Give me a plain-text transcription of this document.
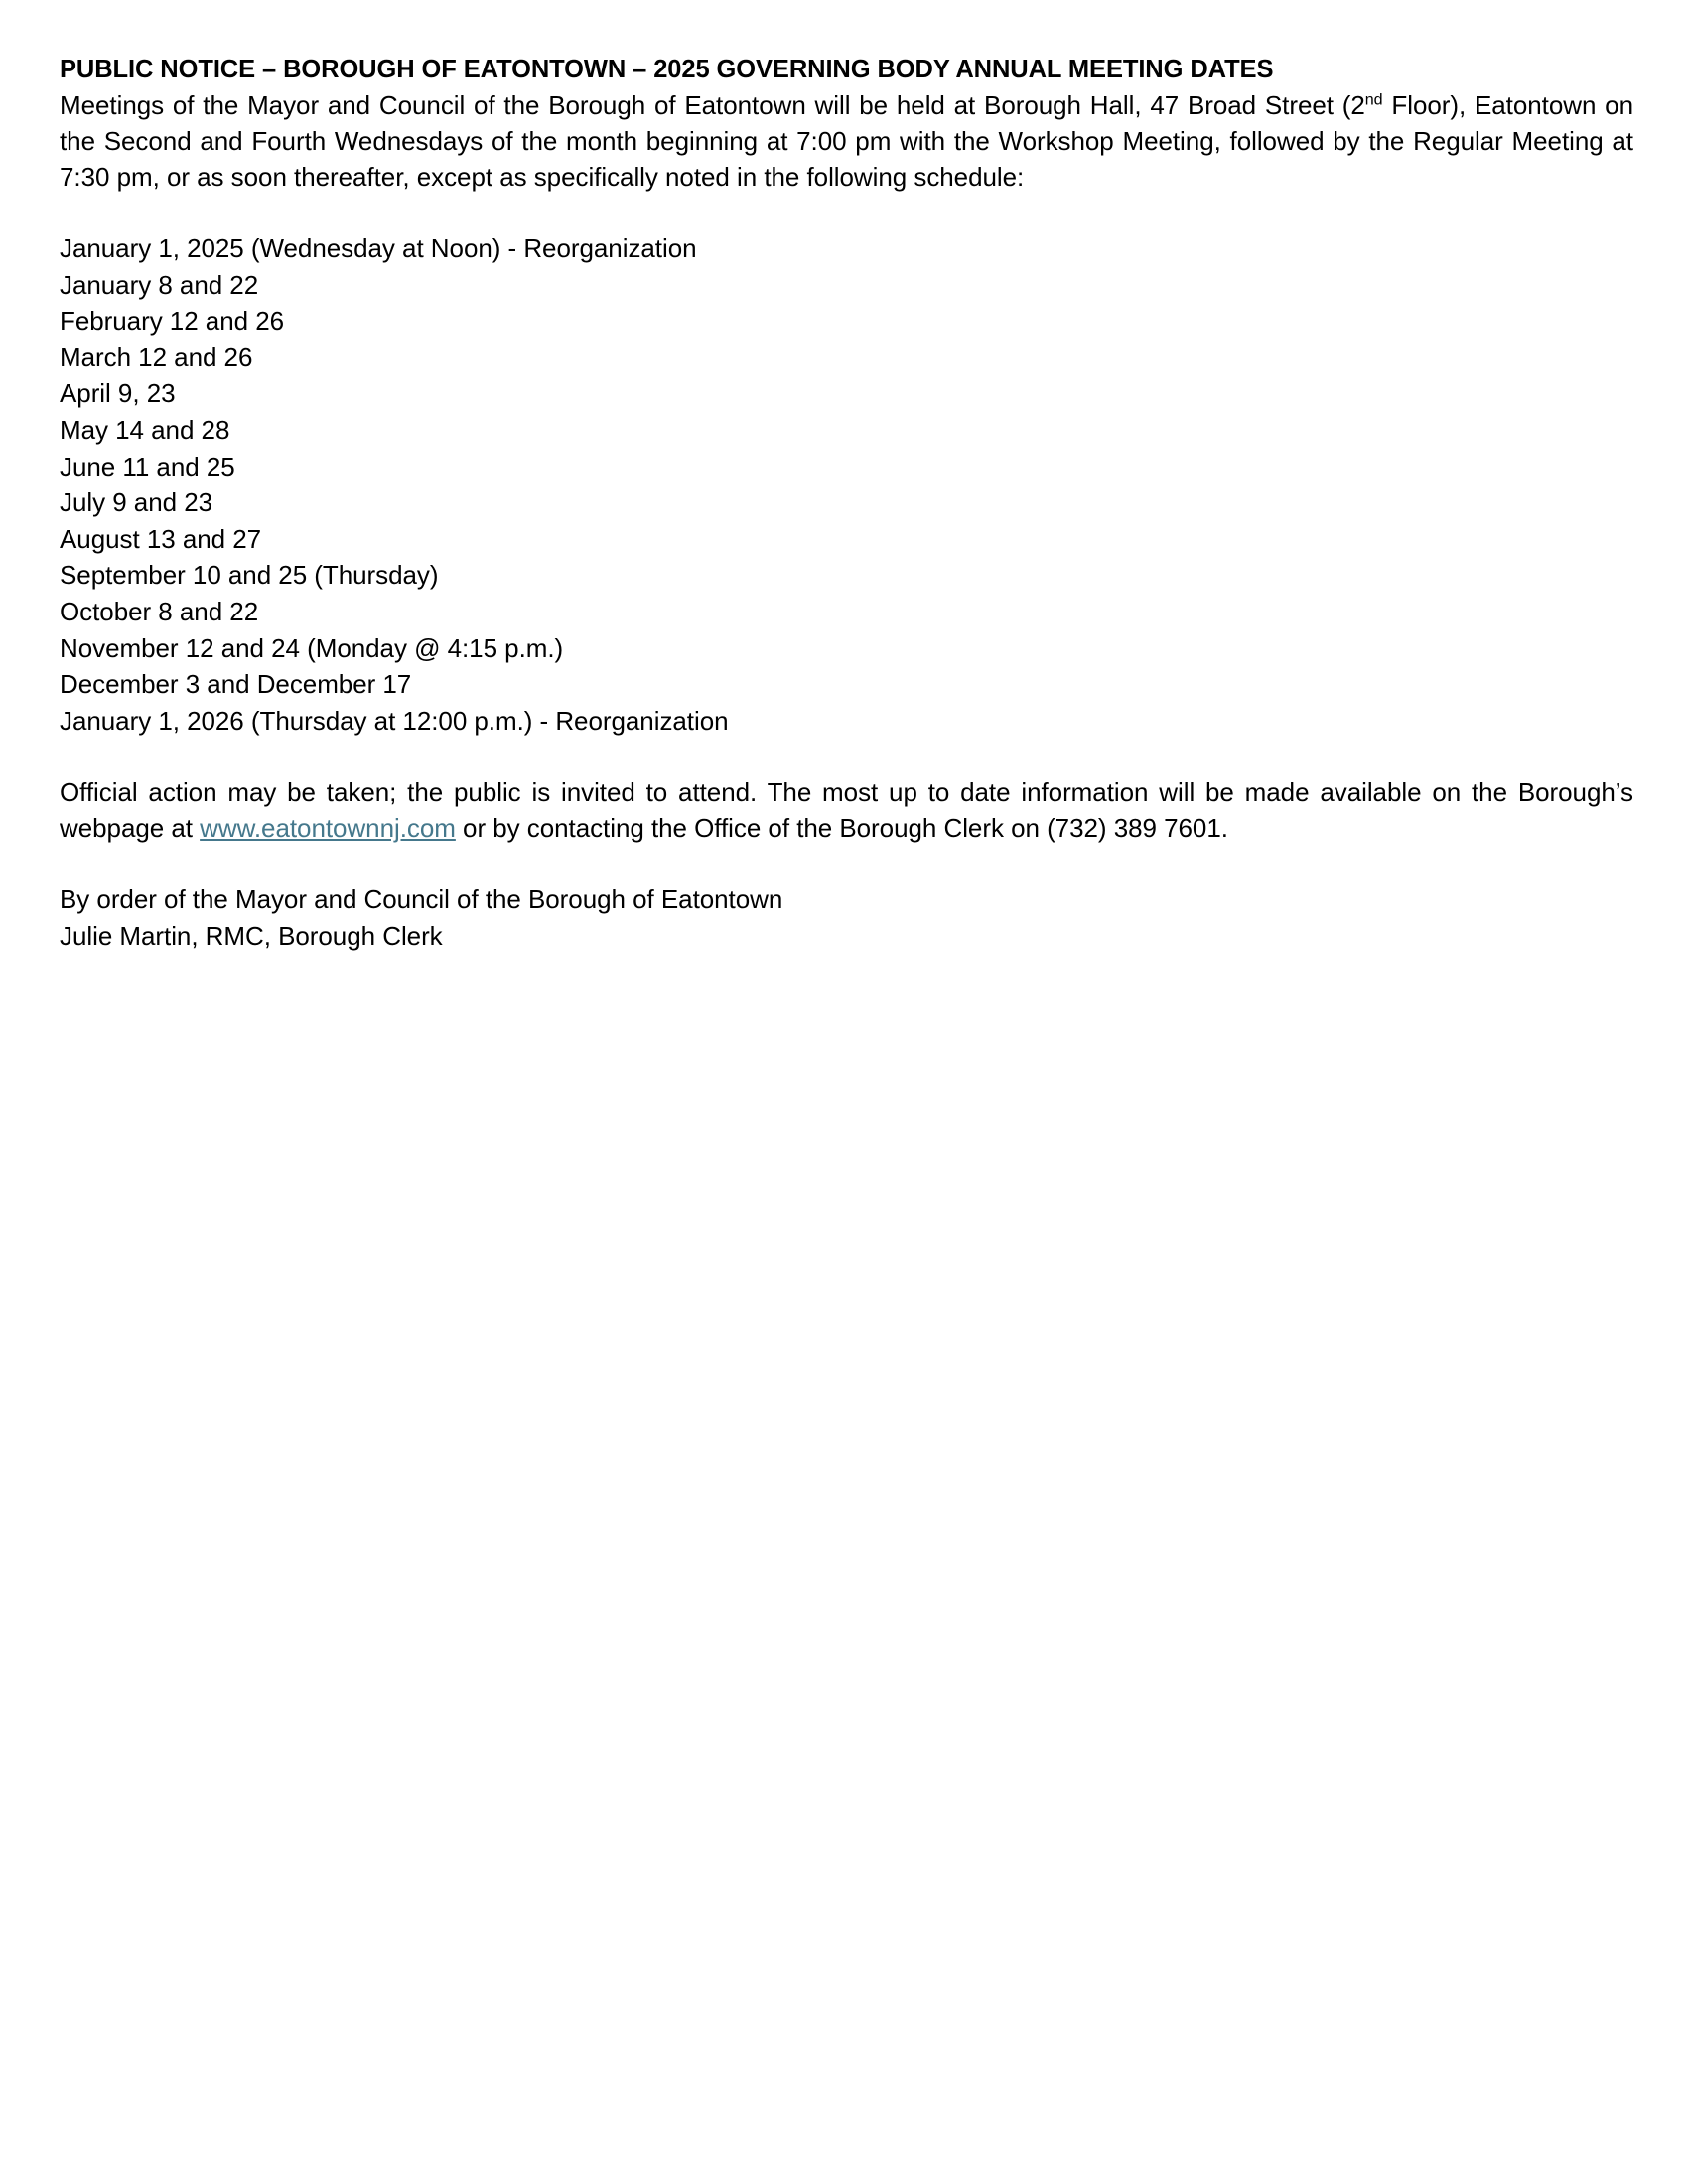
PUBLIC NOTICE – BOROUGH OF EATONTOWN – 2025 GOVERNING BODY ANNUAL MEETING DATES

Meetings of the Mayor and Council of the Borough of Eatontown will be held at Borough Hall, 47 Broad Street (2nd Floor), Eatontown on the Second and Fourth Wednesdays of the month beginning at 7:00 pm with the Workshop Meeting, followed by the Regular Meeting at 7:30 pm, or as soon thereafter, except as specifically noted in the following schedule:

January 1, 2025 (Wednesday at Noon) - Reorganization
January 8 and 22
February 12 and 26
March 12 and 26
April 9, 23
May 14 and 28
June 11 and 25
July 9 and 23
August 13 and 27
September 10 and 25 (Thursday)
October 8 and 22
November 12 and 24 (Monday @ 4:15 p.m.)
December 3 and December 17
January 1, 2026 (Thursday at 12:00 p.m.) - Reorganization

Official action may be taken; the public is invited to attend. The most up to date information will be made available on the Borough’s webpage at www.eatontownnj.com or by contacting the Office of the Borough Clerk on (732) 389 7601.

By order of the Mayor and Council of the Borough of Eatontown
Julie Martin, RMC, Borough Clerk
